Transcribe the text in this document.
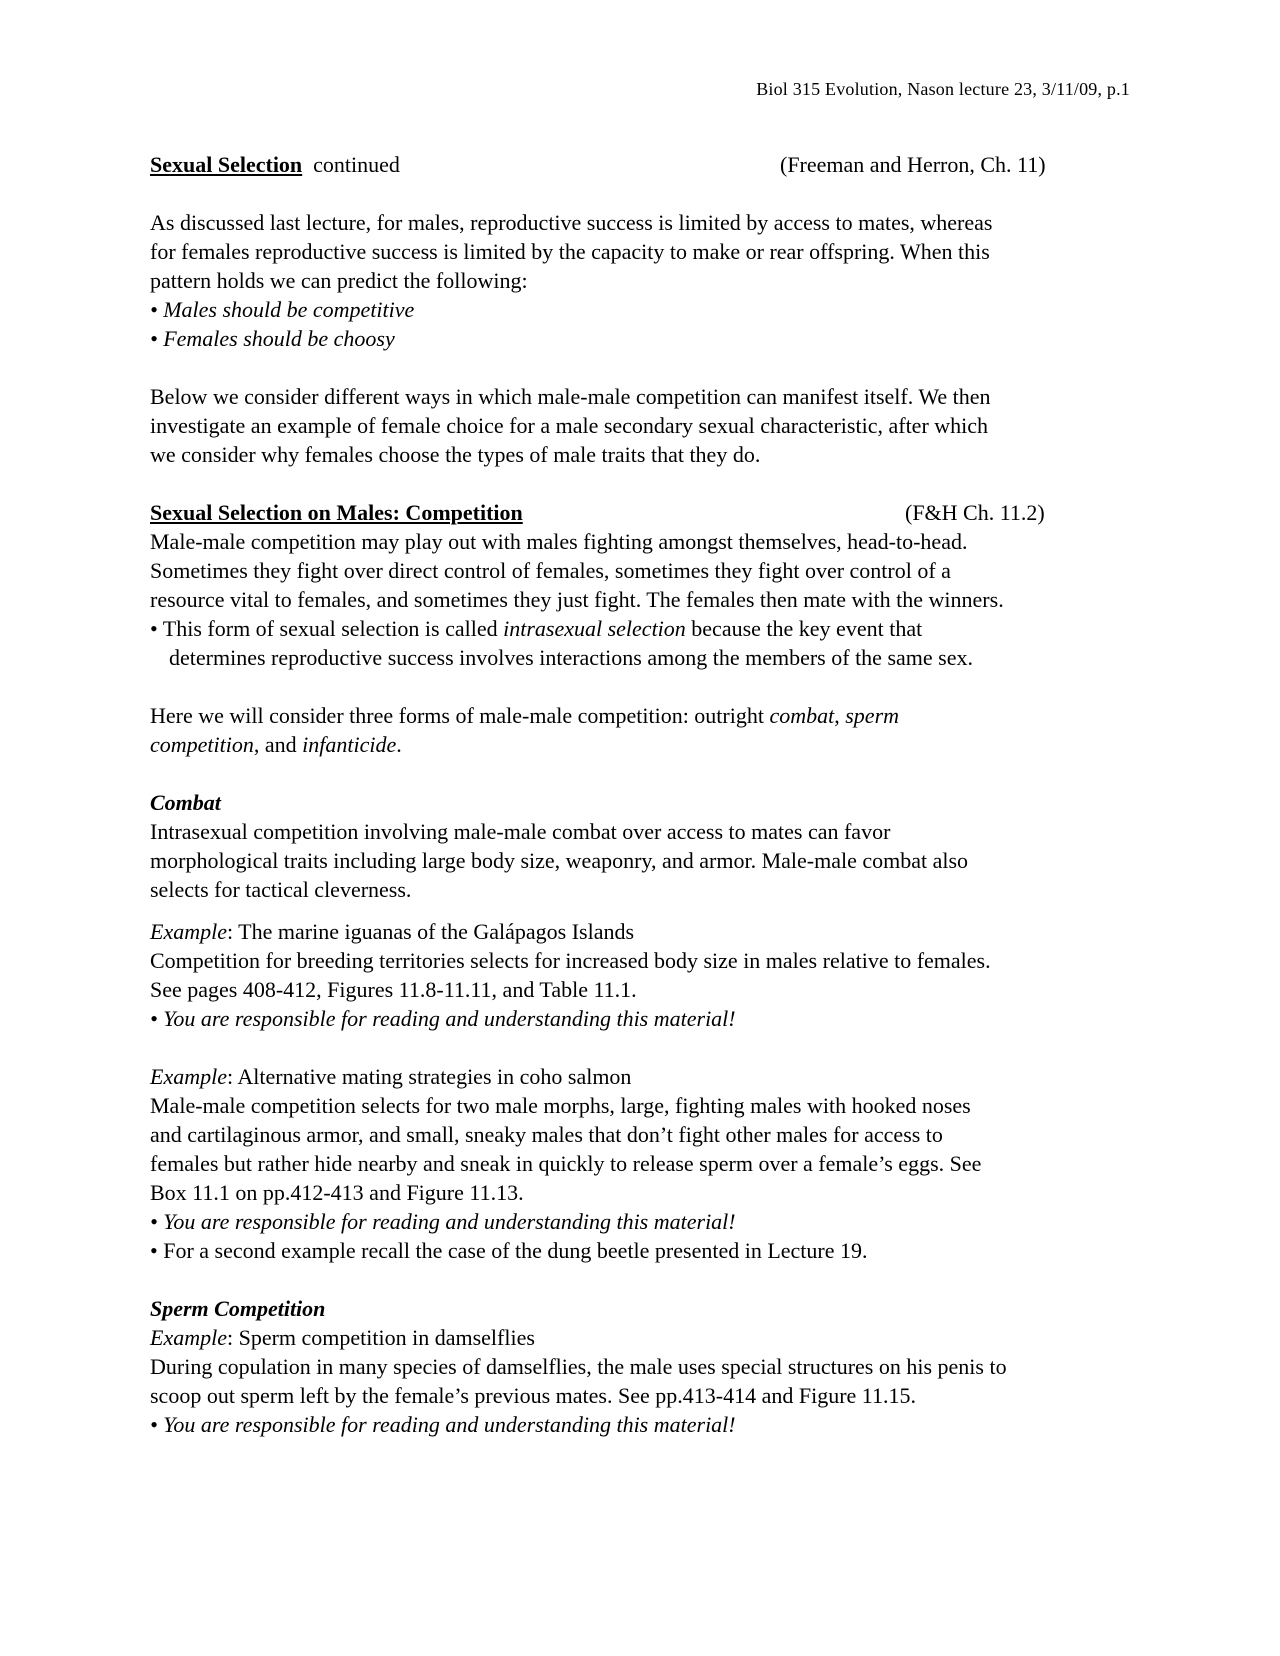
Biol 315 Evolution, Nason lecture 23, 3/11/09, p.1
Sexual Selection continued	(Freeman and Herron, Ch. 11)
As discussed last lecture, for males, reproductive success is limited by access to mates, whereas
for females reproductive success is limited by the capacity to make or rear offspring. When this
pattern holds we can predict the following:
• Males should be competitive
• Females should be choosy
Below we consider different ways in which male-male competition can manifest itself. We then
investigate an example of female choice for a male secondary sexual characteristic, after which
we consider why females choose the types of male traits that they do.
Sexual Selection on Males: Competition	(F&H Ch. 11.2)
Male-male competition may play out with males fighting amongst themselves, head-to-head.
Sometimes they fight over direct control of females, sometimes they fight over control of a
resource vital to females, and sometimes they just fight. The females then mate with the winners.
• This form of sexual selection is called intrasexual selection because the key event that
determines reproductive success involves interactions among the members of the same sex.
Here we will consider three forms of male-male competition: outright combat, sperm
competition, and infanticide.
Combat
Intrasexual competition involving male-male combat over access to mates can favor
morphological traits including large body size, weaponry, and armor. Male-male combat also
selects for tactical cleverness.
Example: The marine iguanas of the Galápagos Islands
Competition for breeding territories selects for increased body size in males relative to females.
See pages 408-412, Figures 11.8-11.11, and Table 11.1.
• You are responsible for reading and understanding this material!
Example: Alternative mating strategies in coho salmon
Male-male competition selects for two male morphs, large, fighting males with hooked noses
and cartilaginous armor, and small, sneaky males that don’t fight other males for access to
females but rather hide nearby and sneak in quickly to release sperm over a female’s eggs. See
Box 11.1 on pp.412-413 and Figure 11.13.
• You are responsible for reading and understanding this material!
• For a second example recall the case of the dung beetle presented in Lecture 19.
Sperm Competition
Example: Sperm competition in damselflies
During copulation in many species of damselflies, the male uses special structures on his penis to
scoop out sperm left by the female’s previous mates. See pp.413-414 and Figure 11.15.
• You are responsible for reading and understanding this material!
